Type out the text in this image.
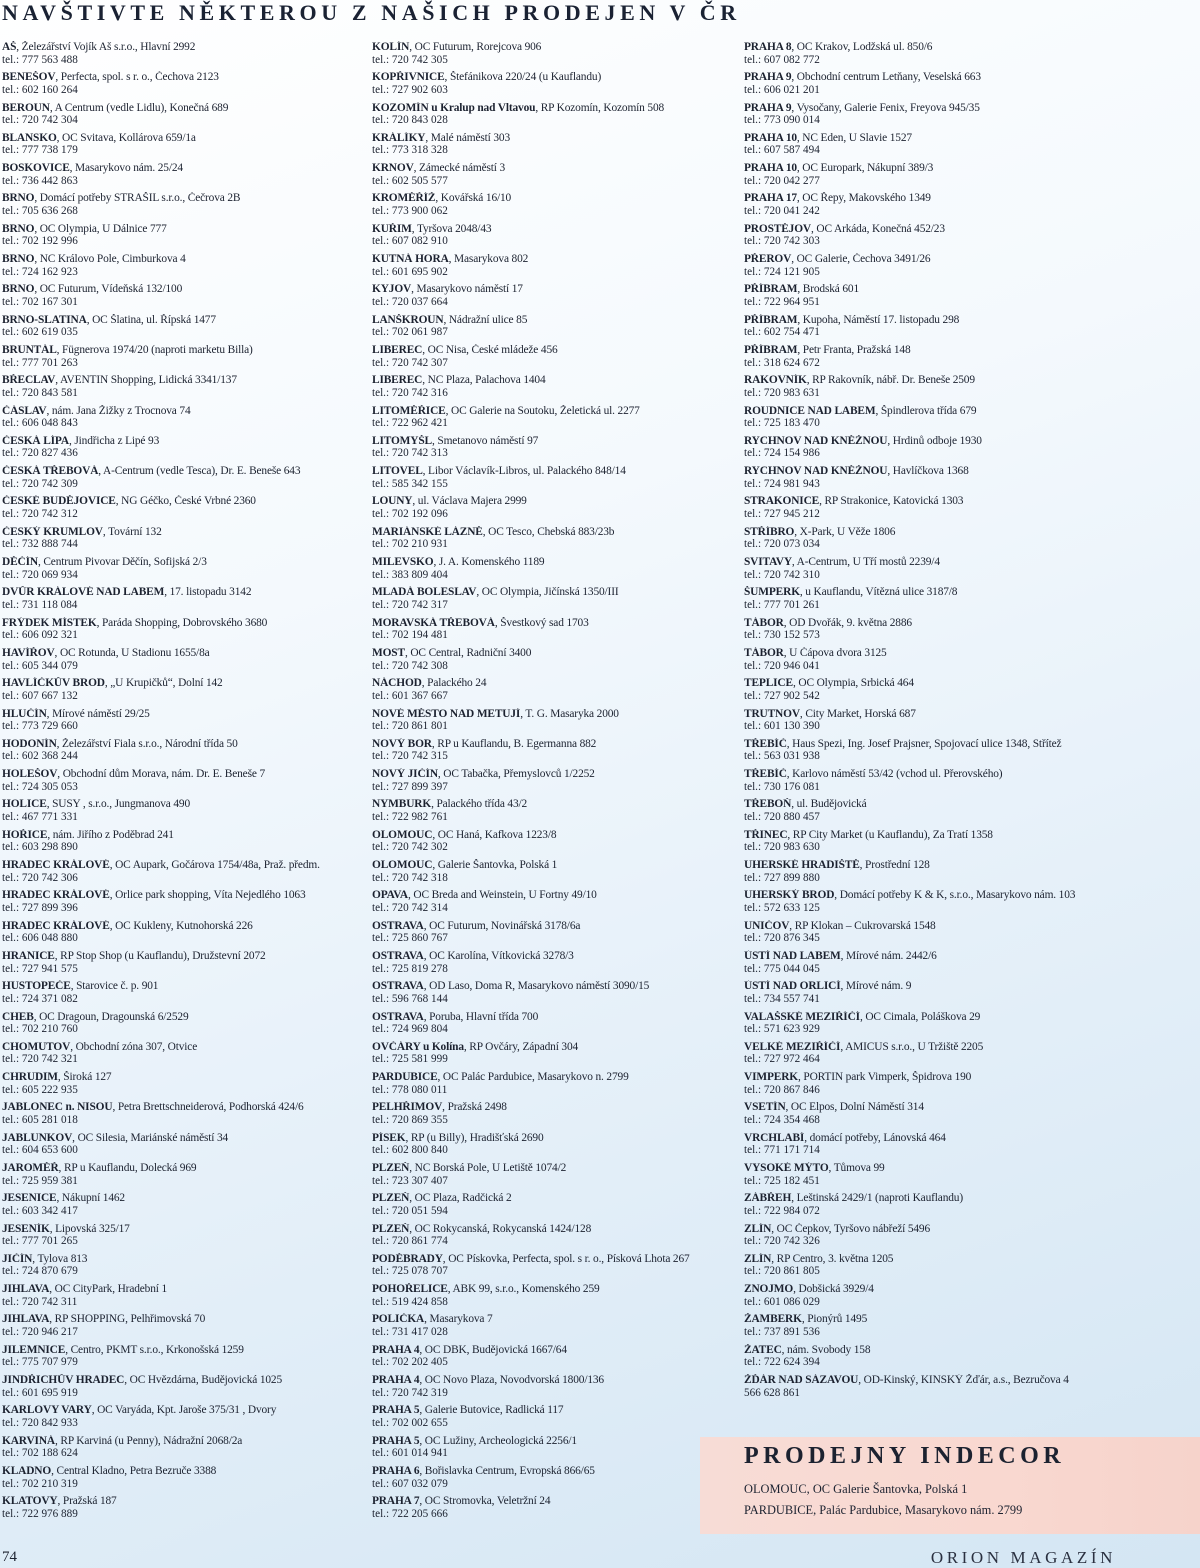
NAVŠTIVTE NĚKTEROU Z NAŠICH PRODEJEN V ČR
AŠ, Železářství Vojík Aš s.r.o., Hlavní 2992
tel.: 777 563 488
BENEŠOV, Perfecta, spol. s r. o., Čechova 2123
tel.: 602 160 264
BEROUN, A Centrum (vedle Lidlu), Konečná 689
tel.: 720 742 304
BLANSKO, OC Svitava, Kollárova 659/1a
tel.: 777 738 179
BOSKOVICE, Masarykovo nám. 25/24
tel.: 736 442 863
BRNO, Domácí potřeby STRAŠIL s.r.o., Čečrova 2B
tel.: 705 636 268
BRNO, OC Olympia, U Dálnice 777
tel.: 702 192 996
BRNO, NC Královo Pole, Cimburkova 4
tel.: 724 162 923
BRNO, OC Futurum, Vídeňská 132/100
tel.: 702 167 301
BRNO-SLATINA, OC Šlatina, ul. Řípská 1477
tel.: 602 619 035
BRUNTÁL, Fügnerova 1974/20 (naproti marketu Billa)
tel.: 777 701 263
BŘECLAV, AVENTIN Shopping, Lidická 3341/137
tel.: 720 843 581
ČÁSLAV, nám. Jana Žižky z Trocnova 74
tel.: 606 048 843
ČESKÁ LÍPA, Jindřicha z Lipé 93
tel.: 720 827 436
ČESKÁ TŘEBOVÁ, A-Centrum (vedle Tesca), Dr. E. Beneše 643
tel.: 720 742 309
ČESKÉ BUDĚJOVICE, NG Géčko, České Vrbné 2360
tel.: 720 742 312
ČESKÝ KRUMLOV, Tovární 132
tel.: 732 888 744
DĚČÍN, Centrum Pivovar Děčín, Sofijská 2/3
tel.: 720 069 934
DVŮR KRÁLOVÉ NAD LABEM, 17. listopadu 3142
tel.: 731 118 084
FRÝDEK MÍSTEK, Paráda Shopping, Dobrovského 3680
tel.: 606 092 321
HAVÍŘOV, OC Rotunda, U Stadionu 1655/8a
tel.: 605 344 079
HAVLÍČKŮV BROD, „U Krupičků“, Dolní 142
tel.: 607 667 132
HLUČÍN, Mírové náměstí 29/25
tel.: 773 729 660
HODONÍN, Železářství Fiala s.r.o., Národní třída 50
tel.: 602 368 244
HOLEŠOV, Obchodní dům Morava, nám. Dr. E. Beneše 7
tel.: 724 305 053
HOLICE, SUSY , s.r.o., Jungmanova 490
tel.: 467 771 331
HOŘICE, nám. Jiřího z Poděbrad 241
tel.: 603 298 890
HRADEC KRÁLOVÉ, OC Aupark, Gočárova 1754/48a, Praž. předm.
tel.: 720 742 306
HRADEC KRÁLOVÉ, Orlice park shopping, Víta Nejedlého 1063
tel.: 727 899 396
HRADEC KRÁLOVÉ, OC Kukleny, Kutnohorská 226
tel.: 606 048 880
HRANICE, RP Stop Shop (u Kauflandu), Družstevní 2072
tel.: 727 941 575
HUSTOPEČE, Starovice č. p. 901
tel.: 724 371 082
CHEB, OC Dragoun, Dragounská 6/2529
tel.: 702 210 760
CHOMUTOV, Obchodní zóna 307, Otvice
tel.: 720 742 321
CHRUDIM, Široká 127
tel.: 605 222 935
JABLONEC n. NISOU, Petra Brettschneiderová, Podhorská 424/6
tel.: 605 281 018
JABLUNKOV, OC Silesia, Mariánské náměstí 34
tel.: 604 653 600
JAROMĚŘ, RP u Kauflandu, Dolecká 969
tel.: 725 959 381
JESENICE, Nákupní 1462
tel.: 603 342 417
JESENÍK, Lipovská 325/17
tel.: 777 701 265
JIČÍN, Tylova 813
tel.: 724 870 679
JIHLAVA, OC CityPark, Hradební 1
tel.: 720 742 311
JIHLAVA, RP SHOPPING, Pelhřimovská 70
tel.: 720 946 217
JILEMNICE, Centro, PKMT s.r.o., Krkonošská 1259
tel.: 775 707 979
JINDŘICHŮV HRADEC, OC Hvězdárna, Budějovická 1025
tel.: 601 695 919
KARLOVY VARY, OC Varyáda, Kpt. Jaroše 375/31 , Dvory
tel.: 720 842 933
KARVINÁ, RP Karviná (u Penny), Nádražní 2068/2a
tel.: 702 188 624
KLADNO, Central Kladno, Petra Bezruče 3388
tel.: 702 210 319
KLATOVY, Pražská 187
tel.: 722 976 889
KOLÍN, OC Futurum, Rorejcova 906
tel.: 720 742 305
KOPŘIVNICE, Štefánikova 220/24 (u Kauflandu)
tel.: 727 902 603
KOZOMÍN u Kralup nad Vltavou, RP Kozomín, Kozomín 508
tel.: 720 843 028
KRÁLÍKY, Malé náměstí 303
tel.: 773 318 328
KRNOV, Zámecké náměstí 3
tel.: 602 505 577
KROMĚŘÍŽ, Kovářská 16/10
tel.: 773 900 062
KUŘIM, Tyršova 2048/43
tel.: 607 082 910
KUTNÁ HORA, Masarykova 802
tel.: 601 695 902
KYJOV, Masarykovo náměstí 17
tel.: 720 037 664
LANŠKROUN, Nádražní ulice 85
tel.: 702 061 987
LIBEREC, OC Nisa, České mládeže 456
tel.: 720 742 307
LIBEREC, NC Plaza, Palachova 1404
tel.: 720 742 316
LITOMĚŘICE, OC Galerie na Soutoku, Želetická ul. 2277
tel.: 722 962 421
LITOMYŠL, Smetanovo náměstí 97
tel.: 720 742 313
LITOVEL, Libor Václavík-Libros, ul. Palackého 848/14
tel.: 585 342 155
LOUNY, ul. Václava Majera 2999
tel.: 702 192 096
MARIÁNSKÉ LÁZNĚ, OC Tesco, Chebská 883/23b
tel.: 702 210 931
MILEVSKO, J. A. Komenského 1189
tel.: 383 809 404
MLADÁ BOLESLAV, OC Olympia, Jičínská 1350/III
tel.: 720 742 317
MORAVSKÁ TŘEBOVÁ, Švestkový sad 1703
tel.: 702 194 481
MOST, OC Central, Radniční 3400
tel.: 720 742 308
NÁCHOD, Palackého 24
tel.: 601 367 667
NOVÉ MĚSTO NAD METUJÍ, T. G. Masaryka 2000
tel.: 720 861 801
NOVÝ BOR, RP u Kauflandu, B. Egermanna 882
tel.: 720 742 315
NOVÝ JIČÍN, OC Tabačka, Přemyslovců 1/2252
tel.: 727 899 397
NYMBURK, Palackého třída 43/2
tel.: 722 982 761
OLOMOUC, OC Haná, Kafkova 1223/8
tel.: 720 742 302
OLOMOUC, Galerie Šantovka, Polská 1
tel.: 720 742 318
OPAVA, OC Breda and Weinstein, U Fortny 49/10
tel.: 720 742 314
OSTRAVA, OC Futurum, Novinářská 3178/6a
tel.: 725 860 767
OSTRAVA, OC Karolína, Vítkovická 3278/3
tel.: 725 819 278
OSTRAVA, OD Laso, Doma R, Masarykovo náměstí 3090/15
tel.: 596 768 144
OSTRAVA, Poruba, Hlavní třída 700
tel.: 724 969 804
OVČÁRY u Kolína, RP Ovčáry, Západní 304
tel.: 725 581 999
PARDUBICE, OC Palác Pardubice, Masarykovo n. 2799
tel.: 778 080 011
PELHŘIMOV, Pražská 2498
tel.: 720 869 355
PÍSEK, RP (u Billy), Hradišťská 2690
tel.: 602 800 840
PLZEŇ, NC Borská Pole, U Letiště 1074/2
tel.: 723 307 407
PLZEŇ, OC Plaza, Radčická 2
tel.: 720 051 594
PLZEŇ, OC Rokycanská, Rokycanská 1424/128
tel.: 720 861 774
PODĚBRADY, OC Pískovka, Perfecta, spol. s r. o., Písková Lhota 267
tel.: 725 078 707
POHOŘELICE, ABK 99, s.r.o., Komenského 259
tel.: 519 424 858
POLIČKA, Masarykova 7
tel.: 731 417 028
PRAHA 4, OC DBK, Budějovická 1667/64
tel.: 702 202 405
PRAHA 4, OC Novo Plaza, Novodvorská 1800/136
tel.: 720 742 319
PRAHA 5, Galerie Butovice, Radlická 117
tel.: 702 002 655
PRAHA 5, OC Lužiny, Archeologická 2256/1
tel.: 601 014 941
PRAHA 6, Bořislavka Centrum, Evropská 866/65
tel.: 607 032 079
PRAHA 7, OC Stromovka, Veletržní 24
tel.: 722 205 666
PRAHA 8, OC Krakov, Lodžská ul. 850/6
tel.: 607 082 772
PRAHA 9, Obchodní centrum Letňany, Veselská 663
tel.: 606 021 201
PRAHA 9, Vysočany, Galerie Fenix, Freyova 945/35
tel.: 773 090 014
PRAHA 10, NC Eden, U Slavie 1527
tel.: 607 587 494
PRAHA 10, OC Europark, Nákupní 389/3
tel.: 720 042 277
PRAHA 17, OC Řepy, Makovského 1349
tel.: 720 041 242
PROSTĚJOV, OC Arkáda, Konečná 452/23
tel.: 720 742 303
PŘEROV, OC Galerie, Čechova 3491/26
tel.: 724 121 905
PŘÍBRAM, Brodská 601
tel.: 722 964 951
PŘÍBRAM, Kupoha, Náměstí 17. listopadu 298
tel.: 602 754 471
PŘÍBRAM, Petr Franta, Pražská 148
tel.: 318 624 672
RAKOVNÍK, RP Rakovník, nábř. Dr. Beneše 2509
tel.: 720 983 631
ROUDNICE NAD LABEM, Špindlerova třída 679
tel.: 725 183 470
RYCHNOV NAD KNĚŽNOU, Hrdinů odboje 1930
tel.: 724 154 986
RYCHNOV NAD KNĚŽNOU, Havlíčkova 1368
tel.: 724 981 943
STRAKONICE, RP Strakonice, Katovická 1303
tel.: 727 945 212
STŘÍBRO, X-Park, U Věže 1806
tel.: 720 073 034
SVITAVY, A-Centrum, U Tří mostů 2239/4
tel.: 720 742 310
ŠUMPERK, u Kauflandu, Vítězná ulice 3187/8
tel.: 777 701 261
TÁBOR, OD Dvořák, 9. května 2886
tel.: 730 152 573
TÁBOR, U Čápova dvora 3125
tel.: 720 946 041
TEPLICE, OC Olympia, Srbická 464
tel.: 727 902 542
TRUTNOV, City Market, Horská 687
tel.: 601 130 390
TŘEBÍČ, Haus Spezi, Ing. Josef Prajsner, Spojovací ulice 1348, Střítež
tel.: 563 031 938
TŘEBÍČ, Karlovo náměstí 53/42 (vchod ul. Přerovského)
tel.: 730 176 081
TŘEBOŇ, ul. Budějovická
tel.: 720 880 457
TŘINEC, RP City Market (u Kauflandu), Za Tratí 1358
tel.: 720 983 630
UHERSKÉ HRADIŠTĚ, Prostřední 128
tel.: 727 899 880
UHERSKÝ BROD, Domácí potřeby K & K, s.r.o., Masarykovo nám. 103
tel.: 572 633 125
UNIČOV, RP Klokan – Cukrovarská 1548
tel.: 720 876 345
ÚSTÍ NAD LABEM, Mírové nám. 2442/6
tel.: 775 044 045
ÚSTÍ NAD ORLICÍ, Mírové nám. 9
tel.: 734 557 741
VALAŠSKÉ MEZIŘÍČÍ, OC Cimala, Poláškova 29
tel.: 571 623 929
VELKÉ MEZIŘÍČÍ, AMICUS s.r.o., U Tržiště 2205
tel.: 727 972 464
VIMPERK, PORTIN park Vimperk, Špidrova 190
tel.: 720 867 846
VSETÍN, OC Elpos, Dolní Náměstí 314
tel.: 724 354 468
VRCHLABÍ, domácí potřeby, Lánovská 464
tel.: 771 171 714
VYSOKÉ MÝTO, Tůmova 99
tel.: 725 182 451
ZÁBŘEH, Leštinská 2429/1 (naproti Kauflandu)
tel.: 722 984 072
ZLÍN, OC Čepkov, Tyršovo nábřeží 5496
tel.: 720 742 326
ZLÍN, RP Centro, 3. května 1205
tel.: 720 861 805
ZNOJMO, Dobšická 3929/4
tel.: 601 086 029
ŽAMBERK, Pionýrů 1495
tel.: 737 891 536
ŽATEC, nám. Svobody 158
tel.: 722 624 394
ŽĎÁR NAD SÁZAVOU, OD-Kinský, KINSKÝ Žďár, a.s., Bezručova 4
566 628 861
PRODEJNY INDECOR
OLOMOUC, OC Galerie Šantovka, Polská 1
PARDUBICE, Palác Pardubice, Masarykovo nám. 2799
74	ORION MAGAZÍN
